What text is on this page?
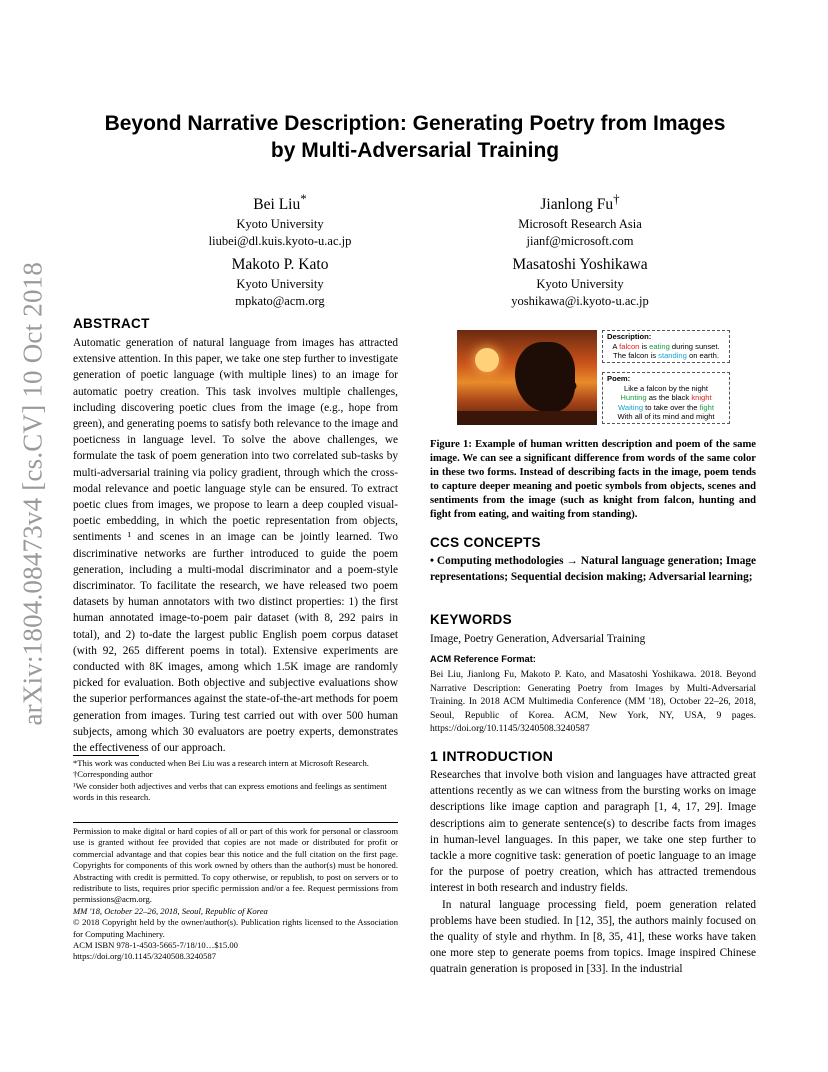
arXiv:1804.08473v4 [cs.CV] 10 Oct 2018
Beyond Narrative Description: Generating Poetry from Images
by Multi-Adversarial Training
Bei Liu*
Kyoto University
liubei@dl.kuis.kyoto-u.ac.jp
Jianlong Fu†
Microsoft Research Asia
jianf@microsoft.com
Makoto P. Kato
Kyoto University
mpkato@acm.org
Masatoshi Yoshikawa
Kyoto University
yoshikawa@i.kyoto-u.ac.jp
ABSTRACT
Automatic generation of natural language from images has attracted extensive attention. In this paper, we take one step further to investigate generation of poetic language (with multiple lines) to an image for automatic poetry creation. This task involves multiple challenges, including discovering poetic clues from the image (e.g., hope from green), and generating poems to satisfy both relevance to the image and poeticness in language level. To solve the above challenges, we formulate the task of poem generation into two correlated sub-tasks by multi-adversarial training via policy gradient, through which the cross-modal relevance and poetic language style can be ensured. To extract poetic clues from images, we propose to learn a deep coupled visual-poetic embedding, in which the poetic representation from objects, sentiments ¹ and scenes in an image can be jointly learned. Two discriminative networks are further introduced to guide the poem generation, including a multi-modal discriminator and a poem-style discriminator. To facilitate the research, we have released two poem datasets by human annotators with two distinct properties: 1) the first human annotated image-to-poem pair dataset (with 8, 292 pairs in total), and 2) to-date the largest public English poem corpus dataset (with 92, 265 different poems in total). Extensive experiments are conducted with 8K images, among which 1.5K image are randomly picked for evaluation. Both objective and subjective evaluations show the superior performances against the state-of-the-art methods for poem generation from images. Turing test carried out with over 500 human subjects, among which 30 evaluators are poetry experts, demonstrates the effectiveness of our approach.
*This work was conducted when Bei Liu was a research intern at Microsoft Research.
†Corresponding author
¹We consider both adjectives and verbs that can express emotions and feelings as sentiment words in this research.
Permission to make digital or hard copies of all or part of this work for personal or classroom use is granted without fee provided that copies are not made or distributed for profit or commercial advantage and that copies bear this notice and the full citation on the first page. Copyrights for components of this work owned by others than the author(s) must be honored. Abstracting with credit is permitted. To copy otherwise, or republish, to post on servers or to redistribute to lists, requires prior specific permission and/or a fee. Request permissions from permissions@acm.org.
MM '18, October 22–26, 2018, Seoul, Republic of Korea
© 2018 Copyright held by the owner/author(s). Publication rights licensed to the Association for Computing Machinery.
ACM ISBN 978-1-4503-5665-7/18/10…$15.00
https://doi.org/10.1145/3240508.3240587
Description:
A falcon is eating during sunset.
The falcon is standing on earth.
Poem:
Like a falcon by the night
Hunting as the black knight
Waiting to take over the fight
With all of its mind and might
Figure 1: Example of human written description and poem of the same image. We can see a significant difference from words of the same color in these two forms. Instead of describing facts in the image, poem tends to capture deeper meaning and poetic symbols from objects, scenes and sentiments from the image (such as knight from falcon, hunting and fight from eating, and waiting from standing).
CCS CONCEPTS
• Computing methodologies → Natural language generation; Image representations; Sequential decision making; Adversarial learning;
KEYWORDS
Image, Poetry Generation, Adversarial Training
ACM Reference Format:
Bei Liu, Jianlong Fu, Makoto P. Kato, and Masatoshi Yoshikawa. 2018. Beyond Narrative Description: Generating Poetry from Images by Multi-Adversarial Training. In 2018 ACM Multimedia Conference (MM '18), October 22–26, 2018, Seoul, Republic of Korea. ACM, New York, NY, USA, 9 pages. https://doi.org/10.1145/3240508.3240587
1 INTRODUCTION

Researches that involve both vision and languages have attracted great attentions recently as we can witness from the bursting works on image descriptions like image caption and paragraph [1, 4, 17, 29]. Image descriptions aim to generate sentence(s) to describe facts from images in human-level languages. In this paper, we take one step further to tackle a more cognitive task: generation of poetic language to an image for the purpose of poetry creation, which has attracted tremendous interest in both research and industry fields.

In natural language processing field, poem generation related problems have been studied. In [12, 35], the authors mainly focused on the quality of style and rhythm. In [8, 35, 41], these works have taken one more step to generate poems from topics. Image inspired Chinese quatrain generation is proposed in [33]. In the industrial
